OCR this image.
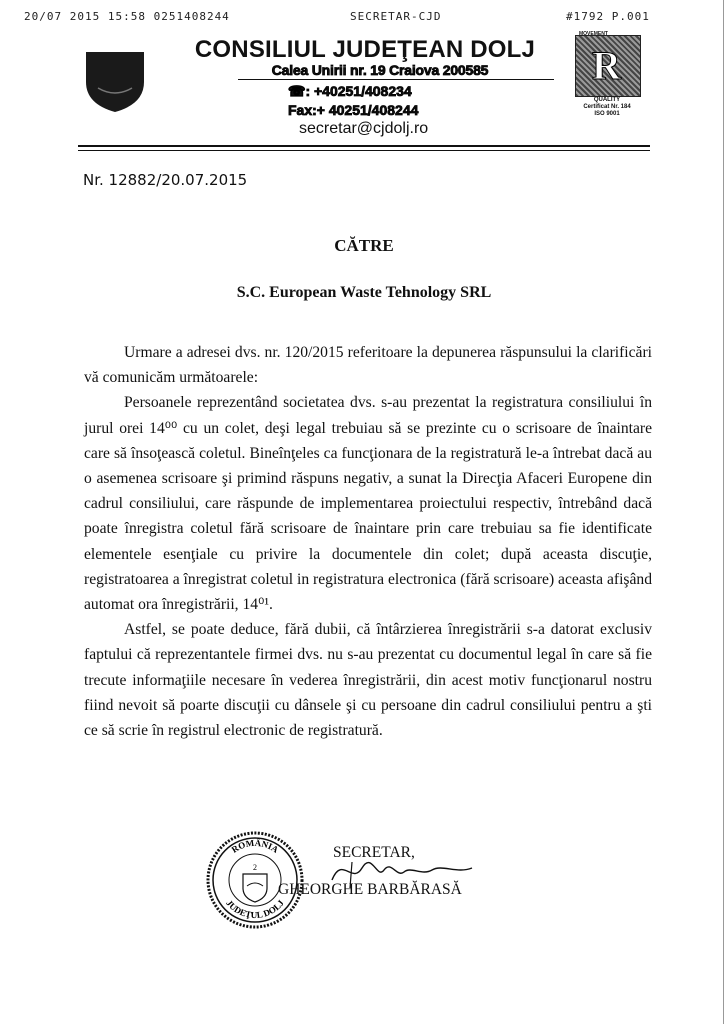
20/07 2015 15:58 0251408244	SECRETAR-CJD	#1792 P.001
CONSILIUL JUDEŢEAN DOLJ
Calea Unirii nr. 19 Craiova 200585
☎: +40251/408234
Fax:+ 40251/408244
secretar@cjdolj.ro
R
MOVEMENT
QUALITY
Certificat Nr. 184
ISO 9001
Nr. 12882/20.07.2015
CĂTRE
S.C. European Waste Tehnology SRL

Urmare a adresei dvs. nr. 120/2015 referitoare la depunerea răspunsului la clarificări vă comunicăm următoarele:

Persoanele reprezentând societatea dvs. s-au prezentat la registratura consiliului în jurul orei 14⁰⁰ cu un colet, deşi legal trebuiau să se prezinte cu o scrisoare de înaintare care să însoţească coletul. Bineînţeles ca funcţionara de la registratură le-a întrebat dacă au o asemenea scrisoare şi primind răspuns negativ, a sunat la Direcţia Afaceri Europene din cadrul consiliului, care răspunde de implementarea proiectului respectiv, întrebând dacă poate înregistra coletul fără scrisoare de înaintare prin care trebuiau sa fie identificate elementele esenţiale cu privire la documentele din colet; după aceasta discuţie, registratoarea a înregistrat coletul in registratura electronica (fără scrisoare) aceasta afişând automat ora înregistrării, 14⁰¹.

Astfel, se poate deduce, fără dubii, că întârzierea înregistrării s-a datorat exclusiv faptului că reprezentantele firmei dvs. nu s-au prezentat cu documentul legal în care să fie trecute informaţiile necesare în vederea înregistrării, din acest motiv funcţionarul nostru fiind nevoit să poarte discuţii cu dânsele şi cu persoane din cadrul consiliului pentru a şti ce să scrie în registrul electronic de registratură.

ROMÂNIA
JUDEŢUL DOLJ
2
SECRETAR,
GHEORGHE BARBĂRASĂ
